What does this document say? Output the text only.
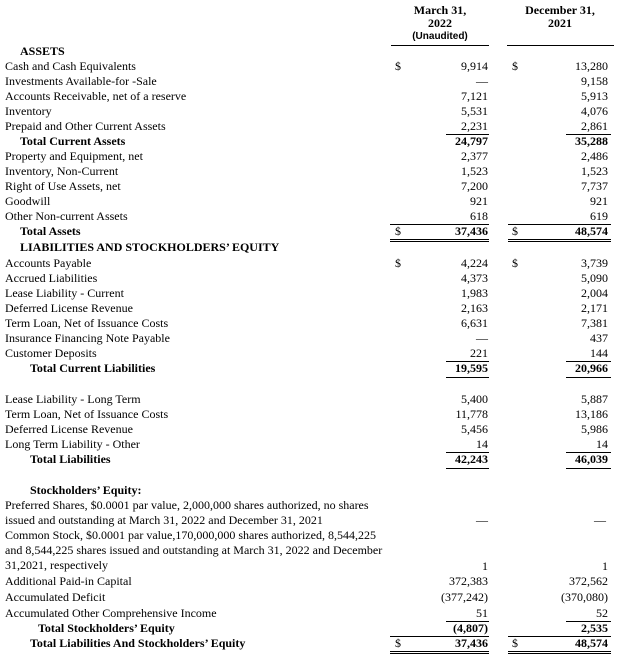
March 31,
2022
(Unaudited)
December 31,
2021
ASSETS
Cash and Cash Equivalents	$	9,914 $	13,280
Investments Available-for -Sale	—	9,158
Accounts Receivable, net of a reserve	7,121	5,913
Inventory	5,531	4,076
Prepaid and Other Current Assets	2,231	2,861
Total Current Assets	24,797	35,288
Property and Equipment, net	2,377	2,486
Inventory, Non-Current	1,523	1,523
Right of Use Assets, net	7,200	7,737
Goodwill	921	921
Other Non-current Assets	618	619
Total Assets	$	37,436 $	48,574
LIABILITIES AND STOCKHOLDERS’ EQUITY
Accounts Payable	$	4,224 $	3,739
Accrued Liabilities	4,373	5,090
Lease Liability - Current	1,983	2,004
Deferred License Revenue	2,163	2,171
Term Loan, Net of Issuance Costs	6,631	7,381
Insurance Financing Note Payable	—	437
Customer Deposits	221	144
Total Current Liabilities	19,595	20,966
Lease Liability - Long Term	5,400	5,887
Term Loan, Net of Issuance Costs	11,778	13,186
Deferred License Revenue	5,456	5,986
Long Term Liability - Other	14	14
Total Liabilities	42,243	46,039
Stockholders’ Equity:
Preferred Shares, $0.0001 par value, 2,000,000 shares authorized, no shares issued and outstanding at March 31, 2022 and December 31, 2021	—	—
Common Stock, $0.0001 par value,170,000,000 shares authorized, 8,544,225 and 8,544,225 shares issued and outstanding at March 31, 2022 and December 31,2021, respectively	1	1
Additional Paid-in Capital	372,383	372,562
Accumulated Deficit	(377,242)	(370,080)
Accumulated Other Comprehensive Income	51	52
Total Stockholders’ Equity	(4,807)	2,535
Total Liabilities And Stockholders’ Equity	$	37,436 $	48,574
